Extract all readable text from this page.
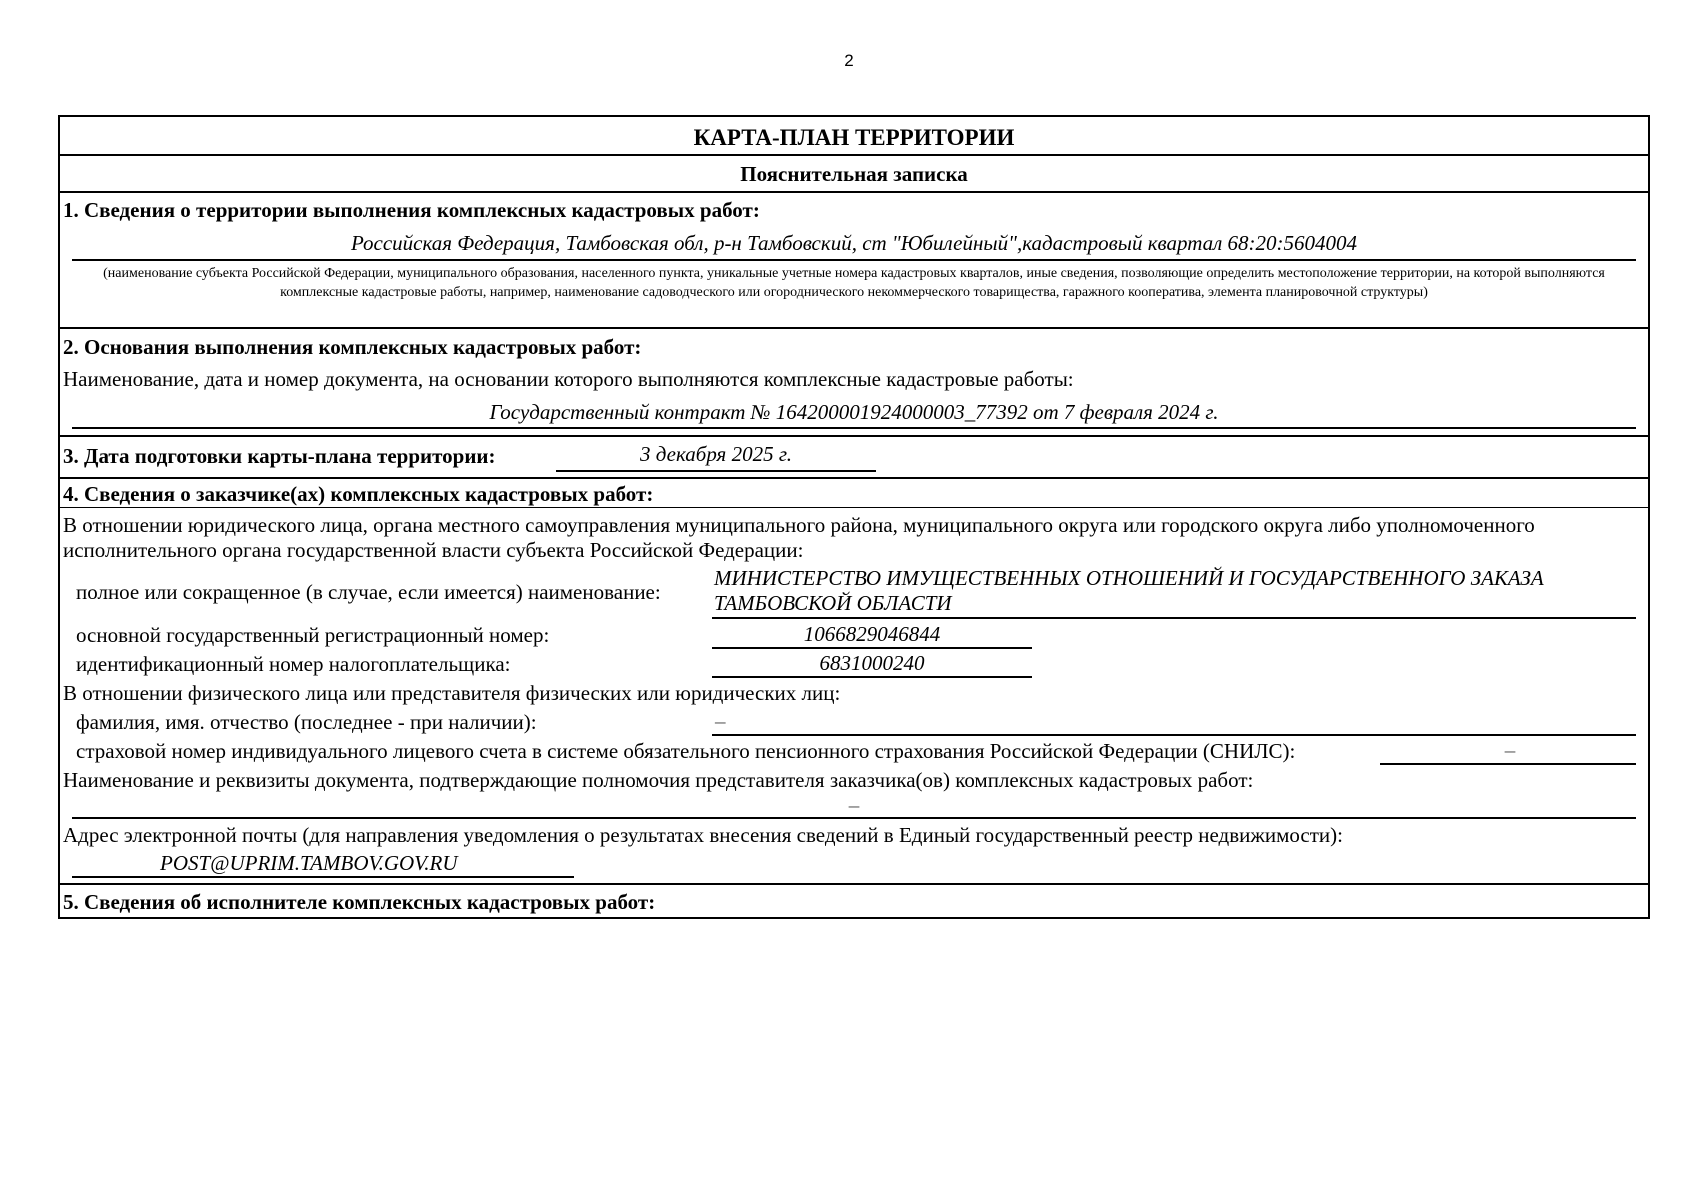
2
КАРТА-ПЛАН ТЕРРИТОРИИ
Пояснительная записка
1. Сведения о территории выполнения комплексных кадастровых работ:
Российская Федерация, Тамбовская обл, р-н Тамбовский, ст "Юбилейный",кадастровый квартал 68:20:5604004
(наименование субъекта Российской Федерации, муниципального образования, населенного пункта, уникальные учетные номера кадастровых кварталов, иные сведения, позволяющие определить местоположение территории, на которой выполняются комплексные кадастровые работы, например, наименование садоводческого или огороднического некоммерческого товарищества, гаражного кооператива, элемента планировочной структуры)
2. Основания выполнения комплексных кадастровых работ:
Наименование, дата и номер документа, на основании которого выполняются комплексные кадастровые работы:
Государственный контракт № 164200001924000003_77392 от 7 февраля 2024 г.
3. Дата подготовки карты-плана территории:	3 декабря 2025 г.
4. Сведения о заказчике(ах) комплексных кадастровых работ:
В отношении юридического лица, органа местного самоуправления муниципального района, муниципального округа или городского округа либо уполномоченного исполнительного органа государственной власти субъекта Российской Федерации:
полное или сокращенное (в случае, если имеется) наименование:
МИНИСТЕРСТВО ИМУЩЕСТВЕННЫХ ОТНОШЕНИЙ И ГОСУДАРСТВЕННОГО ЗАКАЗА ТАМБОВСКОЙ ОБЛАСТИ
основной государственный регистрационный номер:	1066829046844
идентификационный номер налогоплательщика:	6831000240
В отношении физического лица или представителя физических или юридических лиц:
фамилия, имя. отчество (последнее - при наличии):	–
страховой номер индивидуального лицевого счета в системе обязательного пенсионного страхования Российской Федерации (СНИЛС):	–
Наименование и реквизиты документа, подтверждающие полномочия представителя заказчика(ов) комплексных кадастровых работ:
–
Адрес электронной почты (для направления уведомления о результатах внесения сведений в Единый государственный реестр недвижимости):
POST@UPRIM.TAMBOV.GOV.RU
5. Сведения об исполнителе комплексных кадастровых работ:
